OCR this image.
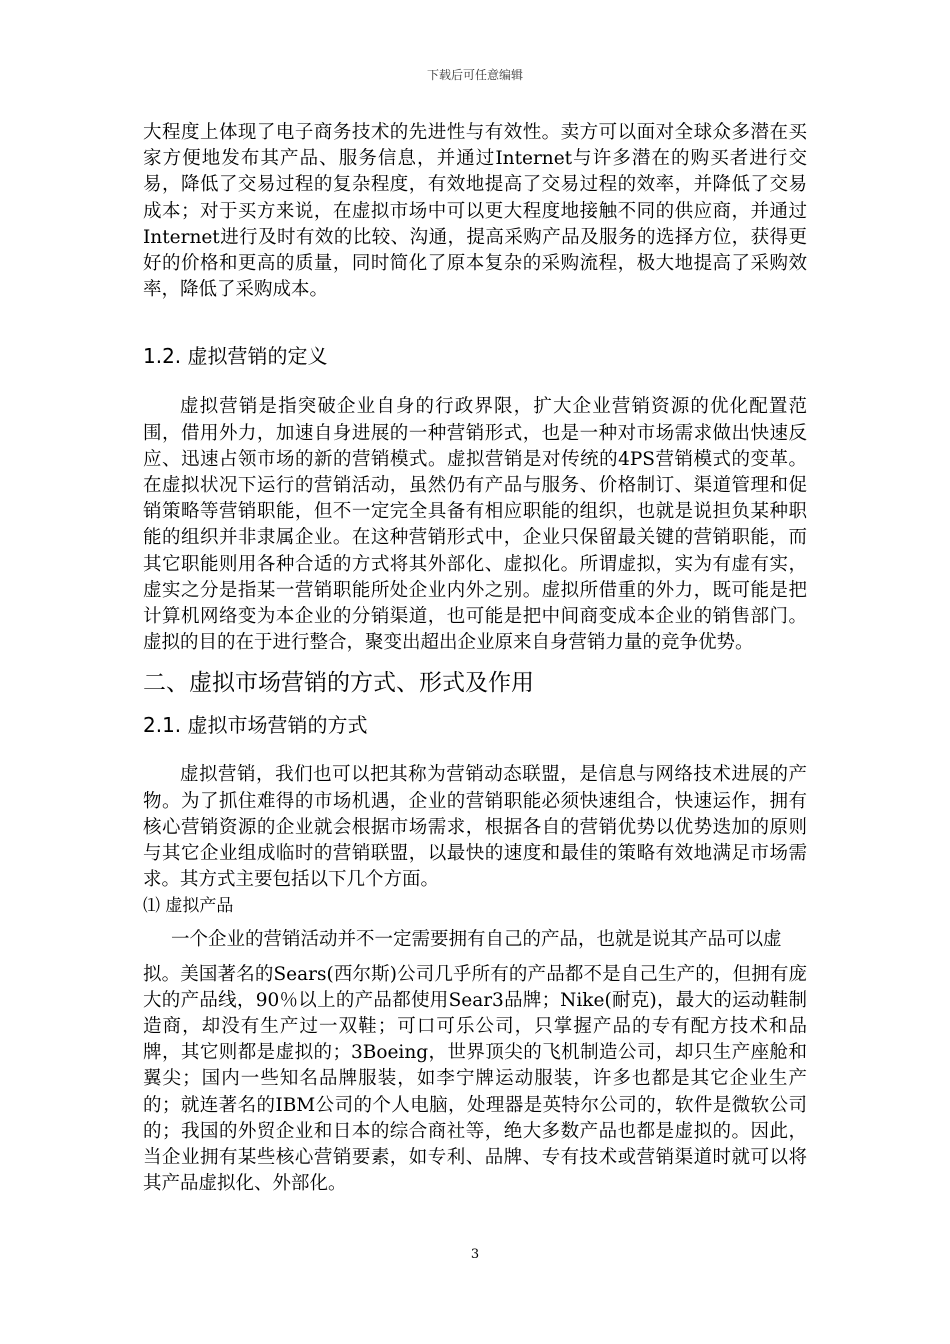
下载后可任意编辑

大程度上体现了电子商务技术的先进性与有效性。卖方可以面对全球众多潜在买家方便地发布其产品、服务信息，并通过Internet与许多潜在的购买者进行交易，降低了交易过程的复杂程度，有效地提高了交易过程的效率，并降低了交易成本；对于买方来说，在虚拟市场中可以更大程度地接触不同的供应商，并通过Internet进行及时有效的比较、沟通，提高采购产品及服务的选择方位，获得更好的价格和更高的质量，同时简化了原本复杂的采购流程，极大地提高了采购效率，降低了采购成本。

1.2. 虚拟营销的定义

虚拟营销是指突破企业自身的行政界限，扩大企业营销资源的优化配置范围，借用外力，加速自身进展的一种营销形式，也是一种对市场需求做出快速反应、迅速占领市场的新的营销模式。虚拟营销是对传统的4PS营销模式的变革。在虚拟状况下运行的营销活动，虽然仍有产品与服务、价格制订、渠道管理和促销策略等营销职能，但不一定完全具备有相应职能的组织，也就是说担负某种职能的组织并非隶属企业。在这种营销形式中，企业只保留最关键的营销职能，而其它职能则用各种合适的方式将其外部化、虚拟化。所谓虚拟，实为有虚有实，虚实之分是指某一营销职能所处企业内外之别。虚拟所借重的外力，既可能是把计算机网络变为本企业的分销渠道，也可能是把中间商变成本企业的销售部门。虚拟的目的在于进行整合，聚变出超出企业原来自身营销力量的竞争优势。

二、虚拟市场营销的方式、形式及作用
2.1. 虚拟市场营销的方式

虚拟营销，我们也可以把其称为营销动态联盟，是信息与网络技术进展的产物。为了抓住难得的市场机遇，企业的营销职能必须快速组合，快速运作，拥有核心营销资源的企业就会根据市场需求，根据各自的营销优势以优势迭加的原则与其它企业组成临时的营销联盟，以最快的速度和最佳的策略有效地满足市场需求。其方式主要包括以下几个方面。

⑴ 虚拟产品

一个企业的营销活动并不一定需要拥有自己的产品，也就是说其产品可以虚

拟。美国著名的Sears(西尔斯)公司几乎所有的产品都不是自己生产的，但拥有庞大的产品线，90％以上的产品都使用Sear3品牌；Nike(耐克)，最大的运动鞋制造商，却没有生产过一双鞋；可口可乐公司，只掌握产品的专有配方技术和品牌，其它则都是虚拟的；3Boeing，世界顶尖的飞机制造公司，却只生产座舱和翼尖；国内一些知名品牌服装，如李宁牌运动服装，许多也都是其它企业生产的；就连著名的IBM公司的个人电脑，处理器是英特尔公司的，软件是微软公司的；我国的外贸企业和日本的综合商社等，绝大多数产品也都是虚拟的。因此，当企业拥有某些核心营销要素，如专利、品牌、专有技术或营销渠道时就可以将其产品虚拟化、外部化。

3
